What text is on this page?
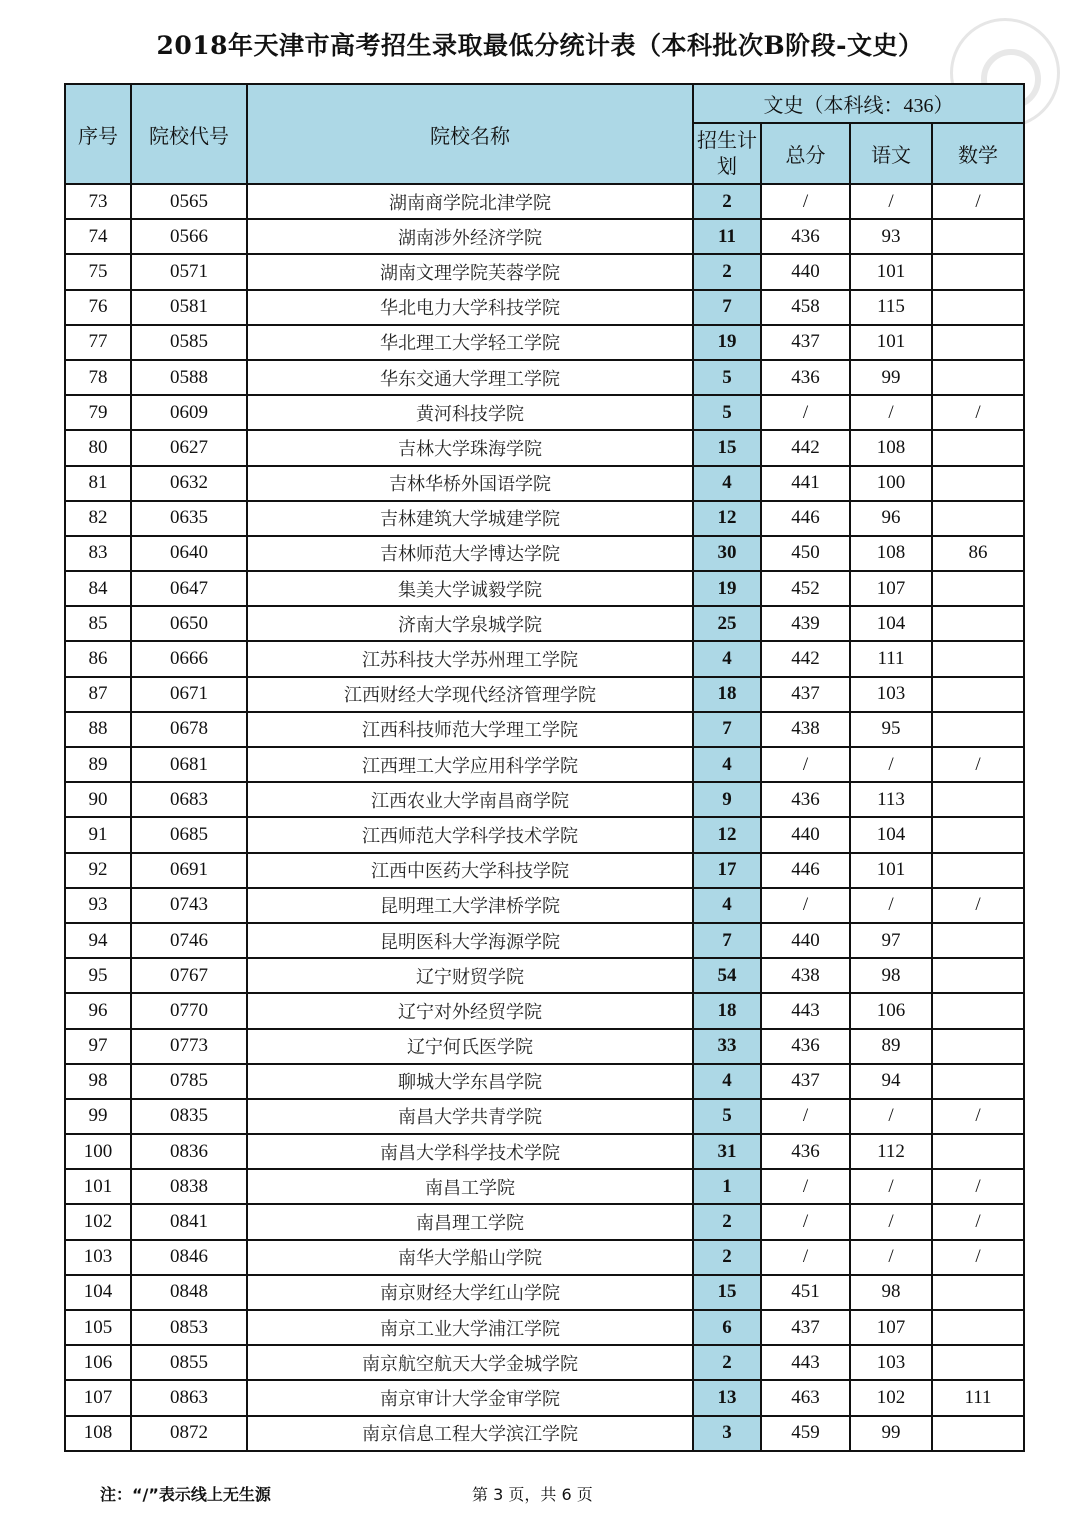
2018年天津市高考招生录取最低分统计表（本科批次B阶段-文史）
序号	院校代号	院校名称	文史（本科线：436）			
			招生计划	总分	语文	数学
73	0565	湖南商学院北津学院	2	/	/	/
74	0566	湖南涉外经济学院	11	436	93	
75	0571	湖南文理学院芙蓉学院	2	440	101	
76	0581	华北电力大学科技学院	7	458	115	
77	0585	华北理工大学轻工学院	19	437	101	
78	0588	华东交通大学理工学院	5	436	99	
79	0609	黄河科技学院	5	/	/	/
80	0627	吉林大学珠海学院	15	442	108	
81	0632	吉林华桥外国语学院	4	441	100	
82	0635	吉林建筑大学城建学院	12	446	96	
83	0640	吉林师范大学博达学院	30	450	108	86
84	0647	集美大学诚毅学院	19	452	107	
85	0650	济南大学泉城学院	25	439	104	
86	0666	江苏科技大学苏州理工学院	4	442	111	
87	0671	江西财经大学现代经济管理学院	18	437	103	
88	0678	江西科技师范大学理工学院	7	438	95	
89	0681	江西理工大学应用科学学院	4	/	/	/
90	0683	江西农业大学南昌商学院	9	436	113	
91	0685	江西师范大学科学技术学院	12	440	104	
92	0691	江西中医药大学科技学院	17	446	101	
93	0743	昆明理工大学津桥学院	4	/	/	/
94	0746	昆明医科大学海源学院	7	440	97	
95	0767	辽宁财贸学院	54	438	98	
96	0770	辽宁对外经贸学院	18	443	106	
97	0773	辽宁何氏医学院	33	436	89	
98	0785	聊城大学东昌学院	4	437	94	
99	0835	南昌大学共青学院	5	/	/	/
100	0836	南昌大学科学技术学院	31	436	112	
101	0838	南昌工学院	1	/	/	/
102	0841	南昌理工学院	2	/	/	/
103	0846	南华大学船山学院	2	/	/	/
104	0848	南京财经大学红山学院	15	451	98	
105	0853	南京工业大学浦江学院	6	437	107	
106	0855	南京航空航天大学金城学院	2	443	103	
107	0863	南京审计大学金审学院	13	463	102	111
108	0872	南京信息工程大学滨江学院	3	459	99	
注：“/”表示线上无生源	第 3 页，共 6 页
